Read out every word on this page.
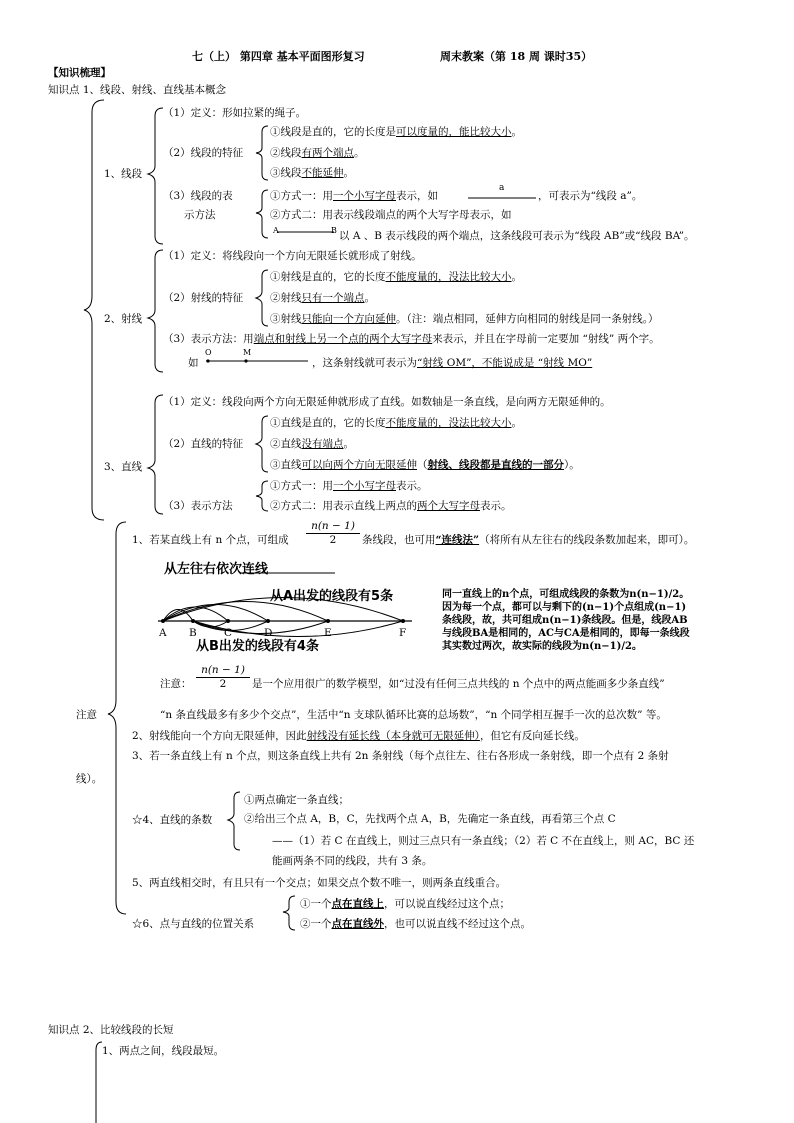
七（上） 第四章 基本平面图形复习	周末教案（第 18 周 课时35）
【知识梳理】
知识点 1、线段、射线、直线基本概念
1、线段
（1）定义：形如拉紧的绳子。
（2）线段的特征
①线段是直的，它的长度是可以度量的，能比较大小。
②线段有两个端点。
③线段不能延伸。
（3）线段的表
示方法
①方式一：用一个小写字母表示，如
a
，可表示为“线段 a”。
②方式二：用表示线段端点的两个大写字母表示，如
A	B 以 A 、B 表示线段的两个端点，这条线段可表示为“线段 AB”或“线段 BA”。
2、射线
（1）定义：将线段向一个方向无限延长就形成了射线。
（2）射线的特征
①射线是直的，它的长度不能度量的，没法比较大小。
②射线只有一个端点。
③射线只能向一个方向延伸。（注：端点相同，延伸方向相同的射线是同一条射线。）
（3）表示方法：用端点和射线上另一个点的两个大写字母来表示，并且在字母前一定要加 “射线” 两个字。
如
O	M
，这条射线就可表示为“射线 OM”，不能说成是 “射线 MO”
3、直线
（1）定义：线段向两个方向无限延伸就形成了直线。如数轴是一条直线，是向两方无限延伸的。
（2）直线的特征
①直线是直的，它的长度不能度量的，没法比较大小。
②直线没有端点。
③直线可以向两个方向无限延伸（射线、线段都是直线的一部分）。
（3）表示方法
①方式一：用一个小写字母表示。
②方式二：用表示直线上两点的两个大写字母表示。
注意
1、若某直线上有 n 个点，可组成 $\frac{n(n - 1)}{2}$ 条线段，也可用“连线法”（将所有从左往右的线段条数加起来，即可）。
从左往右依次连线
从A出发的线段有5条
从B出发的线段有4条
A B	C	D	E	F
同一直线上的n个点，可组成线段的条数为n(n−1)/2。
因为每一个点，都可以与剩下的(n−1)个点组成(n−1)
条线段，故，共可组成n(n−1)条线段。但是，线段AB
与线段BA是相同的，AC与CA是相同的，即每一条线段
其实数过两次，故实际的线段为n(n−1)/2。
注意： $\frac{n(n - 1)}{2}$ 是一个应用很广的数学模型，如“过没有任何三点共线的 n 个点中的两点能画多少条直线”
“n 条直线最多有多少个交点”，生活中“n 支球队循环比赛的总场数”，“n 个同学相互握手一次的总次数” 等。
2、射线能向一个方向无限延伸，因此射线没有延长线（本身就可无限延伸），但它有反向延长线。
3、若一条直线上有 n 个点，则这条直线上共有 2n 条射线（每个点往左、往右各形成一条射线，即一个点有 2 条射
线）。
☆4、直线的条数
①两点确定一条直线；
②给出三个点 A，B，C，先找两个点 A，B，先确定一条直线，再看第三个点 C
——（1）若 C 在直线上，则过三点只有一条直线；（2）若 C 不在直线上，则 AC，BC 还
能画两条不同的线段，共有 3 条。
5、两直线相交时，有且只有一个交点；如果交点个数不唯一，则两条直线重合。
☆6、点与直线的位置关系
①一个点在直线上，可以说直线经过这个点；
②一个点在直线外，也可以说直线不经过这个点。
知识点 2、比较线段的长短
1、两点之间，线段最短。
